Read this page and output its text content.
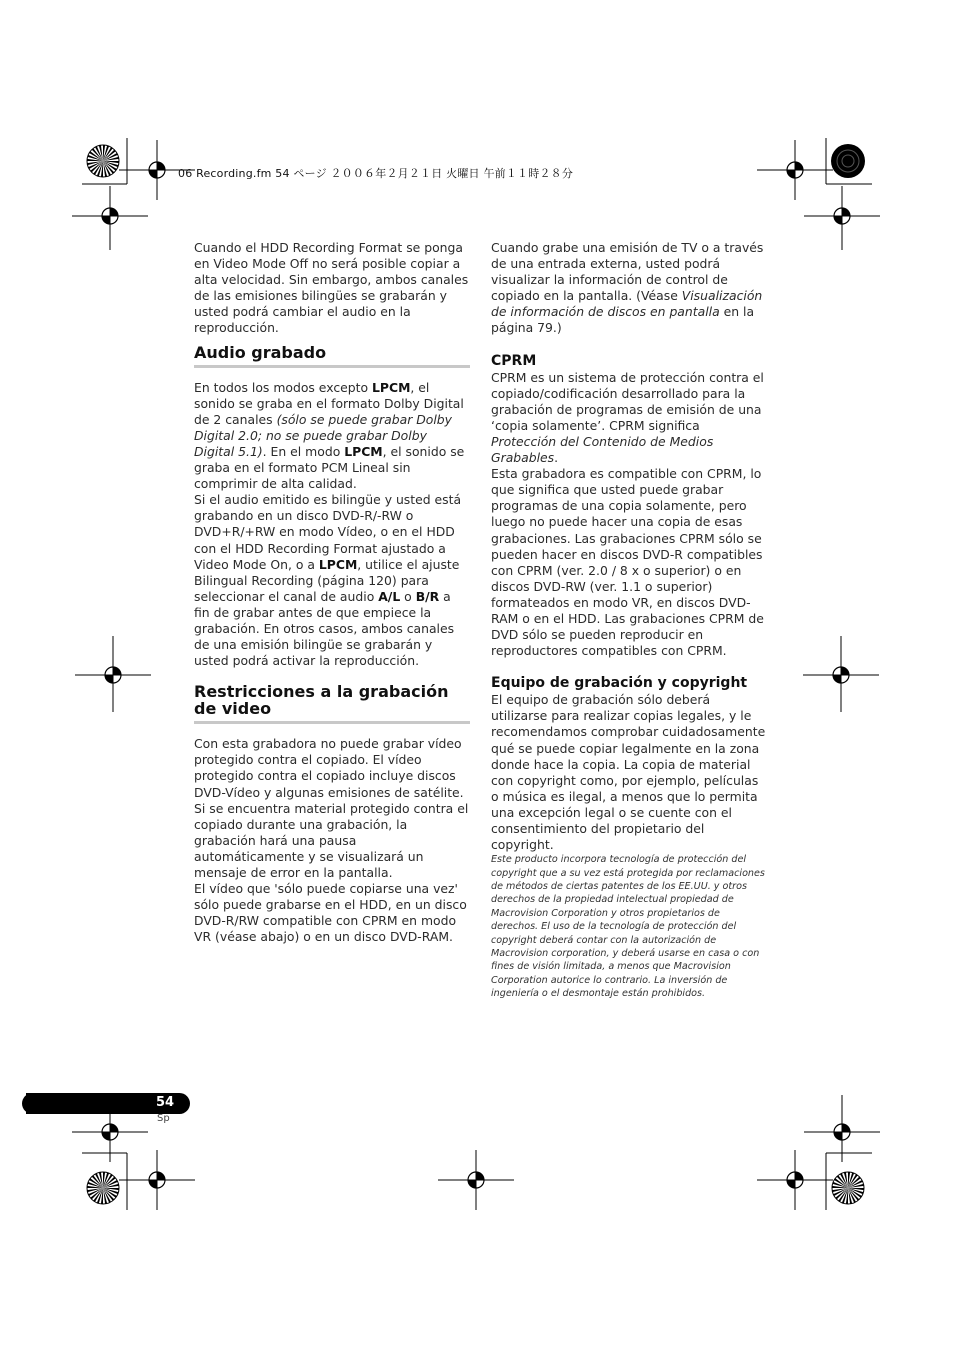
06 Recording.fm 54 ページ ２００６年２月２１日 火曜日 午前１１時２８分

Cuando el HDD Recording Format se ponga en Video Mode Off no será posible copiar a alta velocidad. Sin embargo, ambos canales de las emisiones bilingües se grabarán y usted podrá cambiar el audio en la reproducción.

Audio grabado

En todos los modos excepto LPCM, el sonido se graba en el formato Dolby Digital de 2 canales (sólo se puede grabar Dolby Digital 2.0; no se puede grabar Dolby Digital 5.1). En el modo LPCM, el sonido se graba en el formato PCM Lineal sin comprimir de alta calidad.

Si el audio emitido es bilingüe y usted está grabando en un disco DVD-R/-RW o DVD+R/+RW en modo Vídeo, o en el HDD con el HDD Recording Format ajustado a Video Mode On, o a LPCM, utilice el ajuste Bilingual Recording (página 120) para seleccionar el canal de audio A/L o B/R a fin de grabar antes de que empiece la grabación. En otros casos, ambos canales de una emisión bilingüe se grabarán y usted podrá activar la reproducción.

Restricciones a la grabación de video

Con esta grabadora no puede grabar vídeo protegido contra el copiado. El vídeo protegido contra el copiado incluye discos DVD-Vídeo y algunas emisiones de satélite. Si se encuentra material protegido contra el copiado durante una grabación, la grabación hará una pausa automáticamente y se visualizará un mensaje de error en la pantalla.

El vídeo que 'sólo puede copiarse una vez' sólo puede grabarse en el HDD, en un disco DVD-R/RW compatible con CPRM en modo VR (véase abajo) o en un disco DVD-RAM.

Cuando grabe una emisión de TV o a través de una entrada externa, usted podrá visualizar la información de control de copiado en la pantalla. (Véase Visualización de información de discos en pantalla en la página 79.)

CPRM

CPRM es un sistema de protección contra el copiado/codificación desarrollado para la grabación de programas de emisión de una ‘copia solamente’. CPRM significa Protección del Contenido de Medios Grabables.

Esta grabadora es compatible con CPRM, lo que significa que usted puede grabar programas de una copia solamente, pero luego no puede hacer una copia de esas grabaciones. Las grabaciones CPRM sólo se pueden hacer en discos DVD-R compatibles con CPRM (ver. 2.0 / 8 x o superior) o en discos DVD-RW (ver. 1.1 o superior) formateados en modo VR, en discos DVD-RAM o en el HDD. Las grabaciones CPRM de DVD sólo se pueden reproducir en reproductores compatibles con CPRM.

Equipo de grabación y copyright

El equipo de grabación sólo deberá utilizarse para realizar copias legales, y le recomendamos comprobar cuidadosamente qué se puede copiar legalmente en la zona donde hace la copia. La copia de material con copyright como, por ejemplo, películas o música es ilegal, a menos que lo permita una excepción legal o se cuente con el consentimiento del propietario del copyright.

Este producto incorpora tecnología de protección del copyright que a su vez está protegida por reclamaciones de métodos de ciertas patentes de los EE.UU. y otros derechos de la propiedad intelectual propiedad de Macrovision Corporation y otros propietarios de derechos. El uso de la tecnología de protección del copyright deberá contar con la autorización de Macrovision corporation, y deberá usarse en casa o con fines de visión limitada, a menos que Macrovision Corporation autorice lo contrario. La inversión de ingeniería o el desmontaje están prohibidos.

54
Sp
